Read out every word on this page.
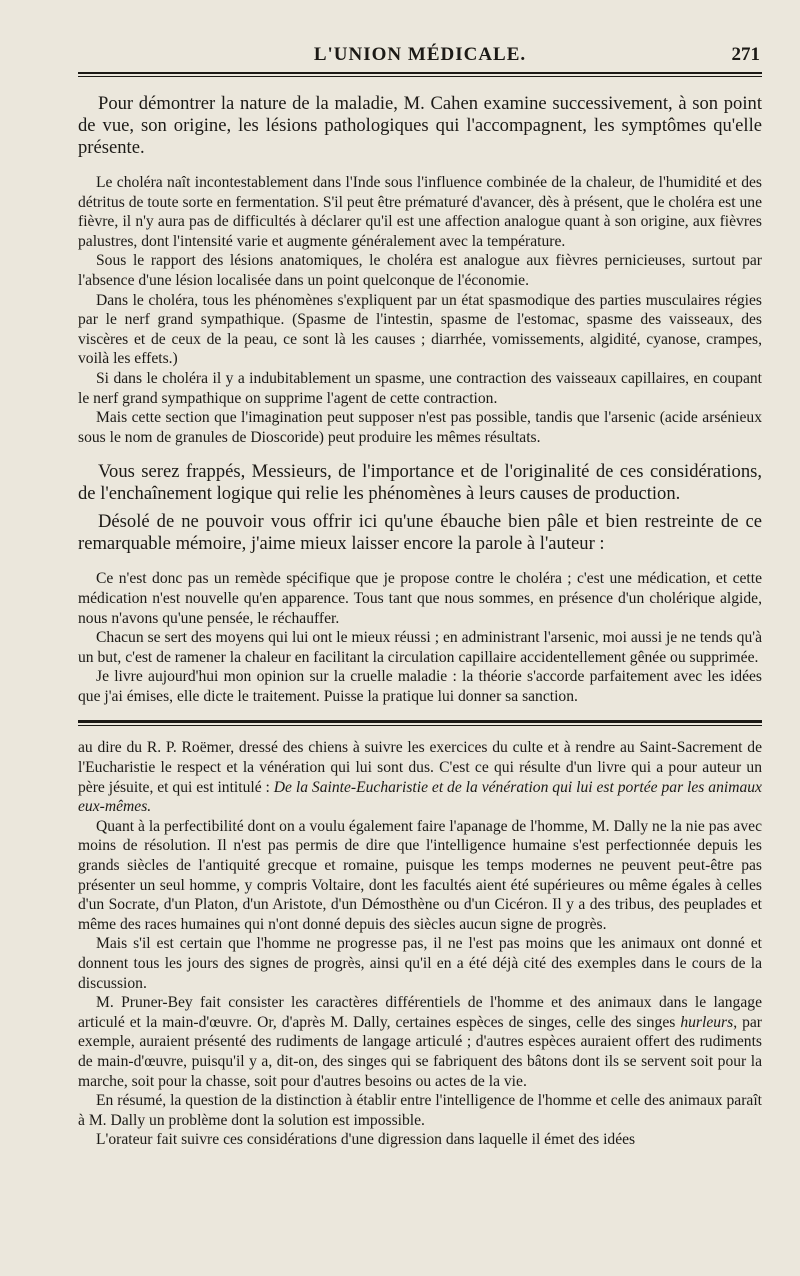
L'UNION MÉDICALE.	271

Pour démontrer la nature de la maladie, M. Cahen examine successivement, à son point de vue, son origine, les lésions pathologiques qui l'accompagnent, les symptômes qu'elle présente.

Le choléra naît incontestablement dans l'Inde sous l'influence combinée de la chaleur, de l'humidité et des détritus de toute sorte en fermentation. S'il peut être prématuré d'avancer, dès à présent, que le choléra est une fièvre, il n'y aura pas de difficultés à déclarer qu'il est une affection analogue quant à son origine, aux fièvres palustres, dont l'intensité varie et augmente généralement avec la température.

Sous le rapport des lésions anatomiques, le choléra est analogue aux fièvres pernicieuses, surtout par l'absence d'une lésion localisée dans un point quelconque de l'économie.

Dans le choléra, tous les phénomènes s'expliquent par un état spasmodique des parties musculaires régies par le nerf grand sympathique. (Spasme de l'intestin, spasme de l'estomac, spasme des vaisseaux, des viscères et de ceux de la peau, ce sont là les causes ; diarrhée, vomissements, algidité, cyanose, crampes, voilà les effets.)

Si dans le choléra il y a indubitablement un spasme, une contraction des vaisseaux capillaires, en coupant le nerf grand sympathique on supprime l'agent de cette contraction.

Mais cette section que l'imagination peut supposer n'est pas possible, tandis que l'arsenic (acide arsénieux sous le nom de granules de Dioscoride) peut produire les mêmes résultats.

Vous serez frappés, Messieurs, de l'importance et de l'originalité de ces considérations, de l'enchaînement logique qui relie les phénomènes à leurs causes de production.

Désolé de ne pouvoir vous offrir ici qu'une ébauche bien pâle et bien restreinte de ce remarquable mémoire, j'aime mieux laisser encore la parole à l'auteur :

Ce n'est donc pas un remède spécifique que je propose contre le choléra ; c'est une médication, et cette médication n'est nouvelle qu'en apparence. Tous tant que nous sommes, en présence d'un cholérique algide, nous n'avons qu'une pensée, le réchauffer.

Chacun se sert des moyens qui lui ont le mieux réussi ; en administrant l'arsenic, moi aussi je ne tends qu'à un but, c'est de ramener la chaleur en facilitant la circulation capillaire accidentellement gênée ou supprimée.

Je livre aujourd'hui mon opinion sur la cruelle maladie : la théorie s'accorde parfaitement avec les idées que j'ai émises, elle dicte le traitement. Puisse la pratique lui donner sa sanction.

au dire du R. P. Roëmer, dressé des chiens à suivre les exercices du culte et à rendre au Saint-Sacrement de l'Eucharistie le respect et la vénération qui lui sont dus. C'est ce qui résulte d'un livre qui a pour auteur un père jésuite, et qui est intitulé : De la Sainte-Eucharistie et de la vénération qui lui est portée par les animaux eux-mêmes.

Quant à la perfectibilité dont on a voulu également faire l'apanage de l'homme, M. Dally ne la nie pas avec moins de résolution. Il n'est pas permis de dire que l'intelligence humaine s'est perfectionnée depuis les grands siècles de l'antiquité grecque et romaine, puisque les temps modernes ne peuvent peut-être pas présenter un seul homme, y compris Voltaire, dont les facultés aient été supérieures ou même égales à celles d'un Socrate, d'un Platon, d'un Aristote, d'un Démosthène ou d'un Cicéron. Il y a des tribus, des peuplades et même des races humaines qui n'ont donné depuis des siècles aucun signe de progrès.

Mais s'il est certain que l'homme ne progresse pas, il ne l'est pas moins que les animaux ont donné et donnent tous les jours des signes de progrès, ainsi qu'il en a été déjà cité des exemples dans le cours de la discussion.

M. Pruner-Bey fait consister les caractères différentiels de l'homme et des animaux dans le langage articulé et la main-d'œuvre. Or, d'après M. Dally, certaines espèces de singes, celle des singes hurleurs, par exemple, auraient présenté des rudiments de langage articulé ; d'autres espèces auraient offert des rudiments de main-d'œuvre, puisqu'il y a, dit-on, des singes qui se fabriquent des bâtons dont ils se servent soit pour la marche, soit pour la chasse, soit pour d'autres besoins ou actes de la vie.

En résumé, la question de la distinction à établir entre l'intelligence de l'homme et celle des animaux paraît à M. Dally un problème dont la solution est impossible.

L'orateur fait suivre ces considérations d'une digression dans laquelle il émet des idées
